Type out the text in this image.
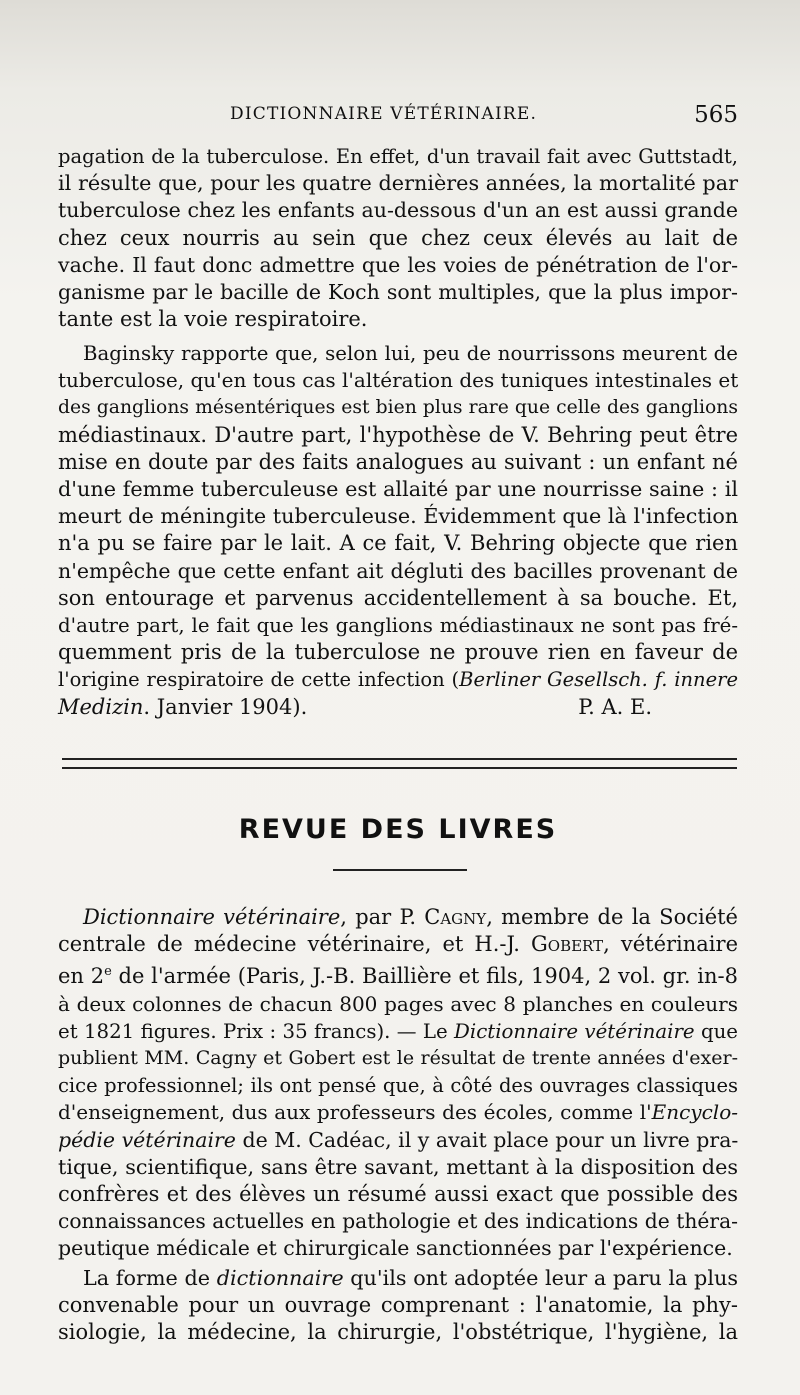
DICTIONNAIRE VÉTÉRINAIRE.	565

pagation de la tuberculose. En effet, d'un travail fait avec Guttstadt,
il résulte que, pour les quatre dernières années, la mortalité par
tuberculose chez les enfants au-dessous d'un an est aussi grande
chez ceux nourris au sein que chez ceux élevés au lait de
vache. Il faut donc admettre que les voies de pénétration de l'or-
ganisme par le bacille de Koch sont multiples, que la plus impor-
tante est la voie respiratoire.

Baginsky rapporte que, selon lui, peu de nourrissons meurent de
tuberculose, qu'en tous cas l'altération des tuniques intestinales et
des ganglions mésentériques est bien plus rare que celle des ganglions
médiastinaux. D'autre part, l'hypothèse de V. Behring peut être
mise en doute par des faits analogues au suivant : un enfant né
d'une femme tuberculeuse est allaité par une nourrisse saine : il
meurt de méningite tuberculeuse. Évidemment que là l'infection
n'a pu se faire par le lait. A ce fait, V. Behring objecte que rien
n'empêche que cette enfant ait dégluti des bacilles provenant de
son entourage et parvenus accidentellement à sa bouche. Et,
d'autre part, le fait que les ganglions médiastinaux ne sont pas fré-
quemment pris de la tuberculose ne prouve rien en faveur de
l'origine respiratoire de cette infection (Berliner Gesellsch. f. innere
Medizin. Janvier 1904).	P. A. E.

REVUE DES LIVRES

Dictionnaire vétérinaire, par P. Cagny, membre de la Société
centrale de médecine vétérinaire, et H.-J. Gobert, vétérinaire
en 2e de l'armée (Paris, J.-B. Baillière et fils, 1904, 2 vol. gr. in-8
à deux colonnes de chacun 800 pages avec 8 planches en couleurs
et 1821 figures. Prix : 35 francs). — Le Dictionnaire vétérinaire que
publient MM. Cagny et Gobert est le résultat de trente années d'exer-
cice professionnel; ils ont pensé que, à côté des ouvrages classiques
d'enseignement, dus aux professeurs des écoles, comme l'Encyclo-
pédie vétérinaire de M. Cadéac, il y avait place pour un livre pra-
tique, scientifique, sans être savant, mettant à la disposition des
confrères et des élèves un résumé aussi exact que possible des
connaissances actuelles en pathologie et des indications de théra-
peutique médicale et chirurgicale sanctionnées par l'expérience.

La forme de dictionnaire qu'ils ont adoptée leur a paru la plus
convenable pour un ouvrage comprenant : l'anatomie, la phy-
siologie, la médecine, la chirurgie, l'obstétrique, l'hygiène, la
